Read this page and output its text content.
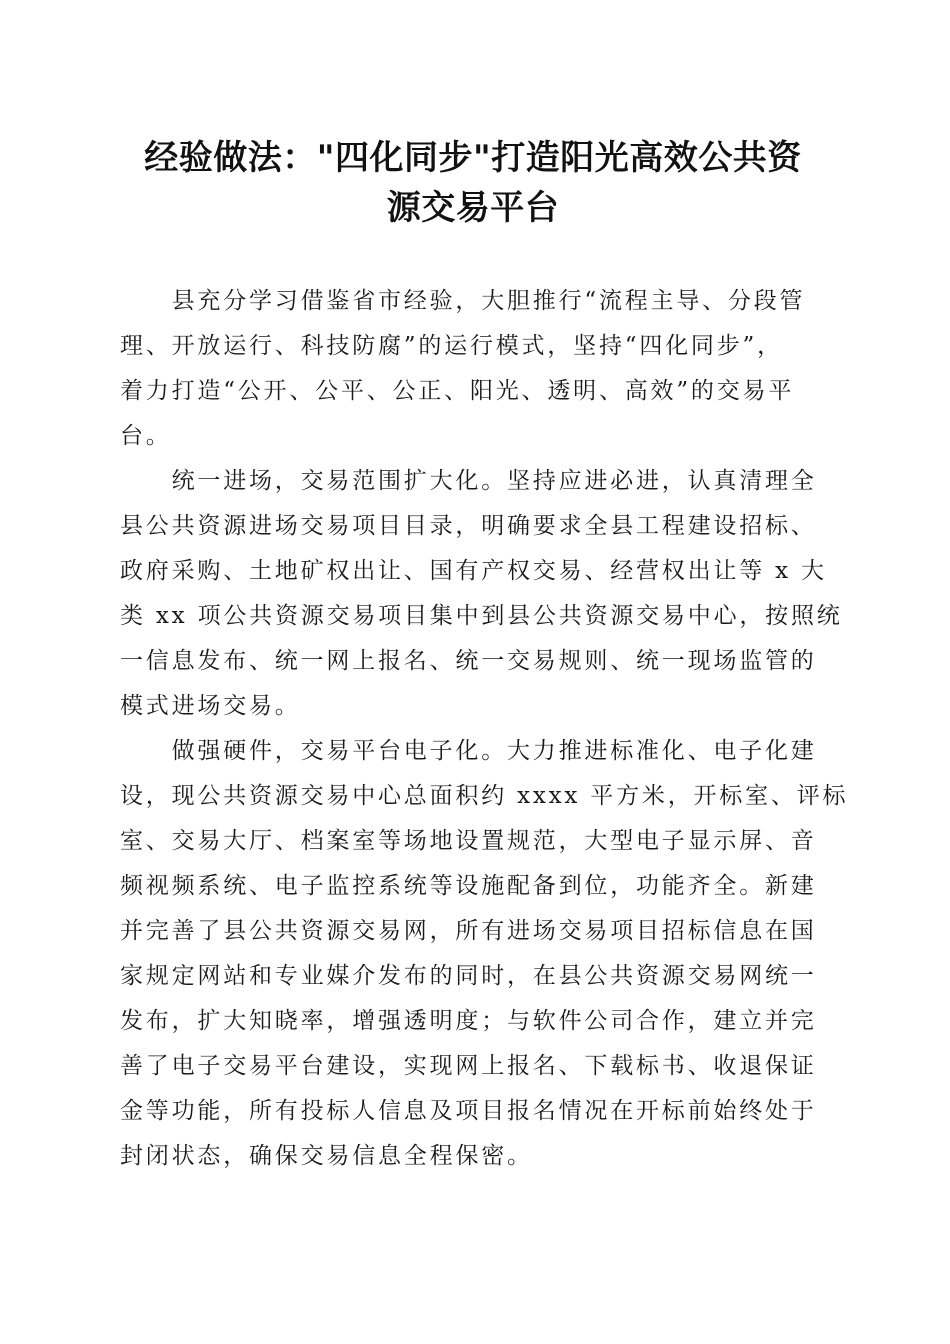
经验做法："四化同步"打造阳光高效公共资
源交易平台

　　县充分学习借鉴省市经验，大胆推行“流程主导、分段管
理、开放运行、科技防腐”的运行模式，坚持“四化同步”，
着力打造“公开、公平、公正、阳光、透明、高效”的交易平
台。

　　统一进场，交易范围扩大化。坚持应进必进，认真清理全
县公共资源进场交易项目目录，明确要求全县工程建设招标、
政府采购、土地矿权出让、国有产权交易、经营权出让等 x 大
类 xx 项公共资源交易项目集中到县公共资源交易中心，按照统
一信息发布、统一网上报名、统一交易规则、统一现场监管的
模式进场交易。

　　做强硬件，交易平台电子化。大力推进标准化、电子化建
设，现公共资源交易中心总面积约 xxxx 平方米，开标室、评标
室、交易大厅、档案室等场地设置规范，大型电子显示屏、音
频视频系统、电子监控系统等设施配备到位，功能齐全。新建
并完善了县公共资源交易网，所有进场交易项目招标信息在国
家规定网站和专业媒介发布的同时，在县公共资源交易网统一
发布，扩大知晓率，增强透明度；与软件公司合作，建立并完
善了电子交易平台建设，实现网上报名、下载标书、收退保证
金等功能，所有投标人信息及项目报名情况在开标前始终处于
封闭状态，确保交易信息全程保密。
